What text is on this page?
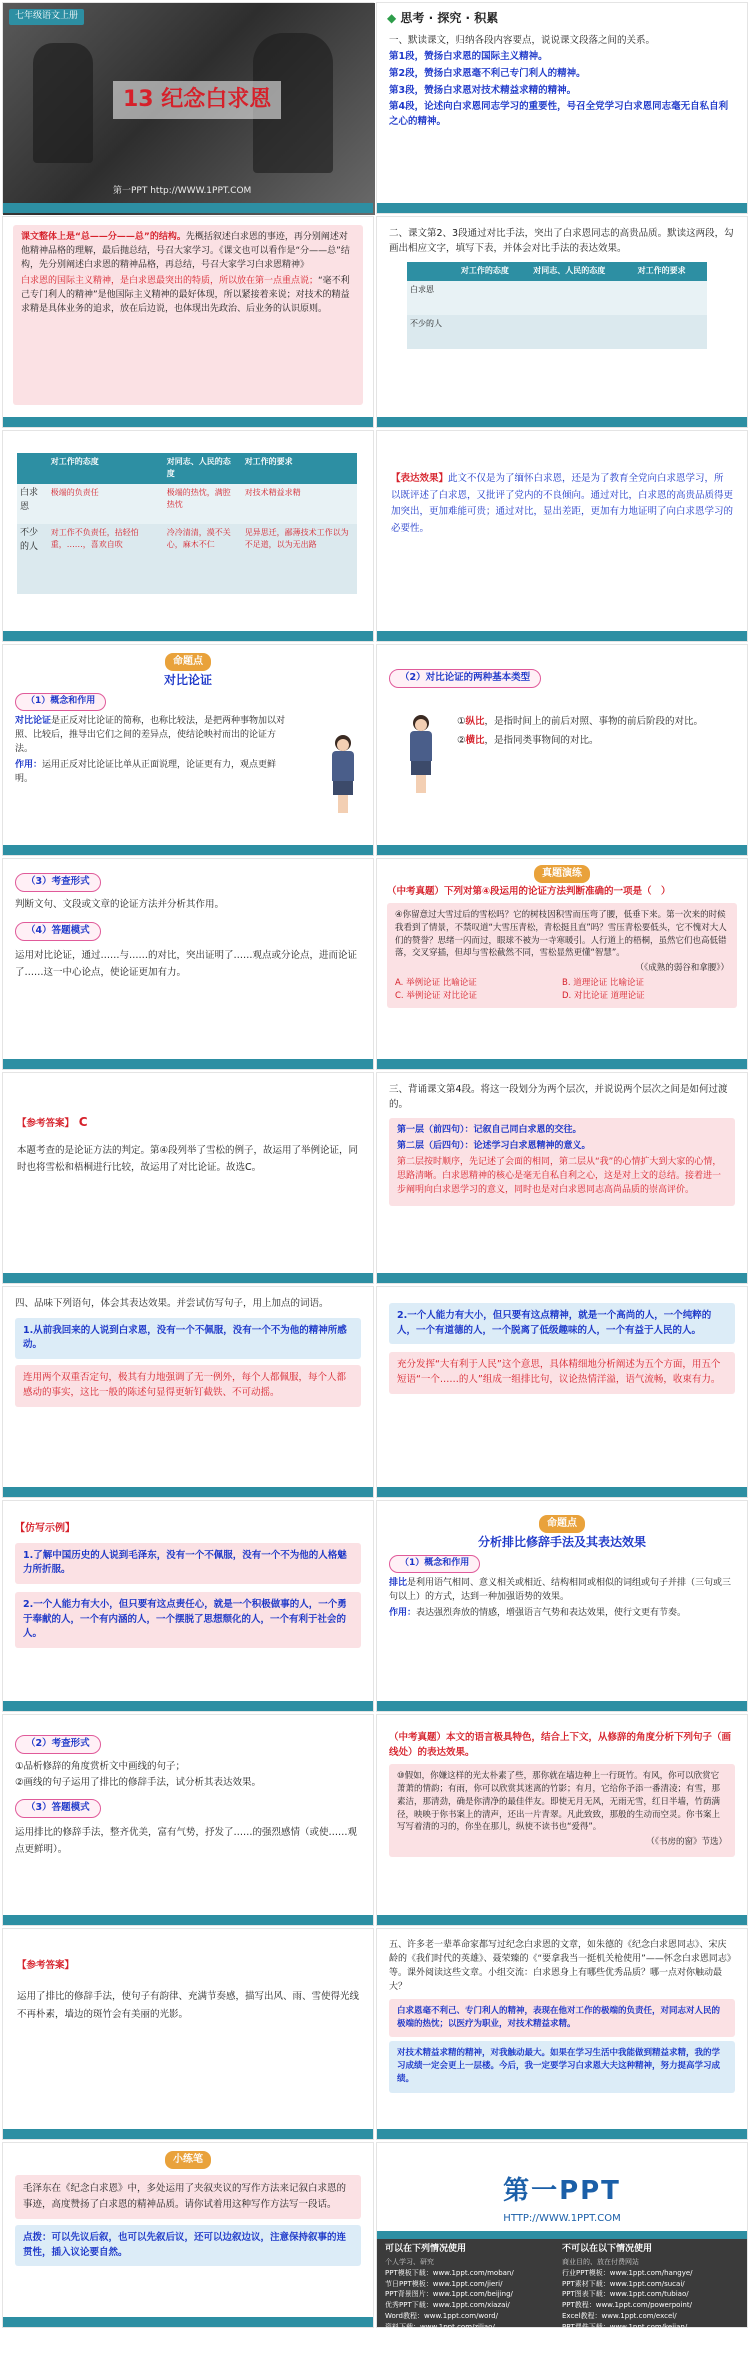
七年级语文上册
13 纪念白求恩
第一PPT http://WWW.1PPT.COM
◆ 思考 · 探究 · 积累

一、默读课文，归纳各段内容要点，说说课文段落之间的关系。

第1段，赞扬白求恩的国际主义精神。

第2段，赞扬白求恩毫不利己专门利人的精神。

第3段，赞扬白求恩对技术精益求精的精神。

第4段，论述向白求恩同志学习的重要性，号召全党学习白求恩同志毫无自私自利之心的精神。

课文整体上是“总——分——总”的结构。先概括叙述白求恩的事迹，再分别阐述对他精神品格的理解，最后抛总结，号召大家学习。《课文也可以看作是“分——总”结构，先分别阐述白求恩的精神品格，再总结，号召大家学习白求恩精神》

白求恩的国际主义精神，是白求恩最突出的特质，所以放在第一点重点说；“毫不利己专门利人的精神”是他国际主义精神的最好体现，所以紧接着来说；对技术的精益求精是具体业务的追求，放在后边说，也体现出先政治、后业务的认识原则。

二、课文第2、3段通过对比手法，突出了白求恩同志的高贵品质。默读这两段，勾画出相应文字，填写下表，并体会对比手法的表达效果。
	对工作的态度	对同志、人民的态度	对工作的要求
白求恩			
不少的人			
	对工作的态度	对同志、人民的态度	对工作的要求
白求恩	极端的负责任	极端的热忱，满腔热忱	对技术精益求精
不少的人	对工作不负责任，拈轻怕重，……，喜欢自吹	冷冷清清，漠不关心，麻木不仁	见异思迁，鄙薄技术工作以为不足道，以为无出路
【表达效果】此文不仅是为了缅怀白求恩，还是为了教育全党向白求恩学习，所以既评述了白求恩，又批评了党内的不良倾向。通过对比，白求恩的高贵品质得更加突出，更加难能可贵；通过对比，显出差距，更加有力地证明了向白求恩学习的必要性。
命题点
对比论证
（1）概念和作用

对比论证是正反对比论证的简称，也称比较法，是把两种事物加以对照、比较后，推导出它们之间的差异点，使结论映衬而出的论证方法。

作用：运用正反对比论证比单从正面说理，论证更有力，观点更鲜明。

（2）对比论证的两种基本类型

①纵比，是指时间上的前后对照、事物的前后阶段的对比。

②横比，是指同类事物间的对比。

（3）考查形式

判断文句、文段或文章的论证方法并分析其作用。

（4）答题模式

运用对比论证，通过……与……的对比，突出证明了……观点或分论点，进而论证了……这一中心论点，使论证更加有力。

真题演练
（中考真题）下列对第④段运用的论证方法判断准确的一项是（　）

④你留意过大雪过后的雪松吗？它的树枝因积雪而压弯了腰，低垂下来。第一次来的时候我看到了情景，不禁叹道“大雪压青松，青松挺且直”吗？雪压青松要低头，它不愧对大人们的赞誉？思绪一闪而过，眼球不被为一寺寒暖引。人行道上的梧桐，虽然它们也高低错落，交叉穿插，但却与雪松截然不同，雪松显然更懂“智慧”。

（《成熟的弱谷和拿腰》）

A. 举例论证 比喻论证	B. 道理论证 比喻论证
C. 举例论证 对比论证	D. 对比论证 道理论证

【参考答案】　 C

本题考查的是论证方法的判定。第④段列举了雪松的例子，故运用了举例论证，同时也将雪松和梧桐进行比较，故运用了对比论证。故选C。

三、背诵课文第4段。将这一段划分为两个层次，并说说两个层次之间是如何过渡的。

第一层（前四句）：记叙自己同白求恩的交往。

第二层（后四句）：论述学习白求恩精神的意义。

第二层按时顺序，先记述了会面的相同，第二层从“我”的心情扩大到大家的心情，思路清晰。白求恩精神的核心是毫无自私自利之心，这是对上文的总结。接着进一步阐明向白求恩学习的意义，同时也是对白求恩同志高尚品质的崇高评价。

四、品味下列语句，体会其表达效果。并尝试仿写句子，用上加点的词语。
1.从前我回来的人说到白求恩，没有一个不佩服，没有一个不为他的精神所感动。
连用两个双重否定句，极其有力地强调了无一例外，每个人都佩服，每个人都感动的事实，这比一般的陈述句显得更斩钉截铁、不可动摇。
2.一个人能力有大小，但只要有这点精神，就是一个高尚的人，一个纯粹的人，一个有道德的人，一个脱离了低级趣味的人，一个有益于人民的人。
充分发挥“大有利于人民”这个意思，具体精细地分析阐述为五个方面，用五个短语“一个……的人”组成一组排比句，议论热情洋溢，语气流畅，收束有力。
【仿写示例】
1.了解中国历史的人说到毛泽东，没有一个不佩服，没有一个不为他的人格魅力所折服。
2.一个人能力有大小，但只要有这点责任心，就是一个积极做事的人，一个勇于奉献的人，一个有内涵的人，一个摆脱了思想颓化的人，一个有利于社会的人。
命题点
分析排比修辞手法及其表达效果
（1）概念和作用

排比是利用语气相同、意义相关或相近、结构相同或相似的词组或句子并排（三句或三句以上）的方式，达到一种加强语势的效果。

作用：表达强烈奔放的情感，增强语言气势和表达效果，使行文更有节奏。

（2）考查形式

①品析修辞的角度赏析文中画线的句子；

②画线的句子运用了排比的修辞手法，试分析其表达效果。

（3）答题模式

运用排比的修辞手法，整齐优美，富有气势，抒发了……的强烈感情（或使……观点更鲜明）。

（中考真题）本文的语言极具特色，结合上下文，从修辞的角度分析下列句子（画线处）的表达效果。

⑩假如，你嫌这样的光太朴素了些，那你就在墙边种上一行斑竹。有风，你可以欣赏它萧萧的情韵；有雨，你可以欣赏其迷离的竹影；有月，它给你予添一番清凌；有雪，那素洁，那清劲，确是你清净的最佳伴友。即使无月无风，无雨无雪，红日半墙，竹荫满径，映映于你书案上的清声，还出一片青翠。凡此致致，那般的生动而空灵。你书案上写写着清的习的，你坐在那儿，纵使不读书也“爱得”。

（《书房的窗》节选）

【参考答案】

运用了排比的修辞手法，使句子有韵律、充满节奏感，描写出风、雨、雪使得光线不再朴素，墙边的斑竹会有美丽的光影。

五、许多老一辈革命家都写过纪念白求恩的文章，如朱德的《纪念白求恩同志》、宋庆龄的《我们时代的英雄》、聂荣臻的《“要拿我当一挺机关枪使用”——怀念白求恩同志》等。课外阅读这些文章。小组交流：白求恩身上有哪些优秀品质？哪一点对你触动最大？
白求恩毫不利己、专门利人的精神，表现在他对工作的极端的负责任，对同志对人民的极端的热忱；以医疗为职业，对技术精益求精。
对技术精益求精的精神，对我触动最大。如果在学习生活中我能做到精益求精，我的学习成绩一定会更上一层楼。今后，我一定要学习白求恩大夫这种精神，努力提高学习成绩。
小练笔
毛泽东在《纪念白求恩》中，多处运用了夹叙夹议的写作方法来记叙白求恩的事迹，高度赞扬了白求恩的精神品质。请你试着用这种写作方法写一段话。
点拨：可以先议后叙，也可以先叙后议，还可以边叙边议，注意保持叙事的连贯性，插入议论要自然。
第一PPT
HTTP://WWW.1PPT.COM
可以在下列情况使用
个人学习、研究
PPT模板下载：www.1ppt.com/moban/
节日PPT模板：www.1ppt.com/jieri/
PPT背景图片：www.1ppt.com/beijing/
优秀PPT下载：www.1ppt.com/xiazai/
Word教程：www.1ppt.com/word/
资料下载：www.1ppt.com/ziliao/
范文下载：www.1ppt.com/fanwen/
教案下载：www.1ppt.com/jiaoan/
不可以在以下情况使用
商业目的、放在付费网站
行业PPT模板：www.1ppt.com/hangye/
PPT素材下载：www.1ppt.com/sucai/
PPT图表下载：www.1ppt.com/tubiao/
PPT教程：www.1ppt.com/powerpoint/
Excel教程：www.1ppt.com/excel/
PPT课件下载：www.1ppt.com/kejian/
试卷下载：www.1ppt.com/shiti/
字体下载：www.1ppt.com/ziti/
